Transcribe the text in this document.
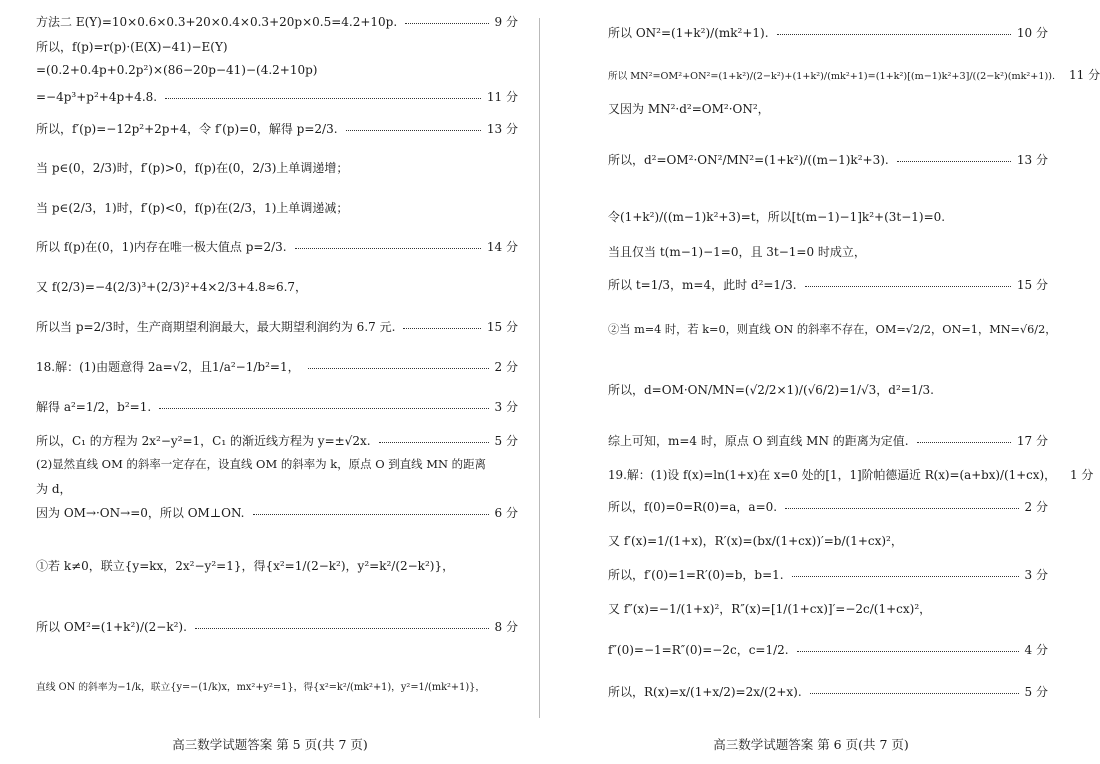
方法二 E(Y)=10×0.6×0.3+20×0.4×0.3+20p×0.5=4.2+10p.	9 分
所以，f(p)=r(p)·(E(X)−41)−E(Y)
=(0.2+0.4p+0.2p²)×(86−20p−41)−(4.2+10p)
=−4p³+p²+4p+4.8.	11 分
所以，f′(p)=−12p²+2p+4，令 f′(p)=0，解得 p=2/3.	13 分
当 p∈(0，2/3)时，f′(p)>0，f(p)在(0，2/3)上单调递增；
当 p∈(2/3，1)时，f′(p)<0，f(p)在(2/3，1)上单调递减；
所以 f(p)在(0，1)内存在唯一极大值点 p=2/3.	14 分
又 f(2/3)=−4(2/3)³+(2/3)²+4×2/3+4.8≈6.7，
所以当 p=2/3时，生产商期望利润最大，最大期望利润约为 6.7 元.	15 分
18.解：(1)由题意得 2a=√2，且1/a²−1/b²=1，	2 分
解得 a²=1/2，b²=1.	3 分
所以，C₁ 的方程为 2x²−y²=1，C₁ 的渐近线方程为 y=±√2x.	5 分
(2)显然直线 OM 的斜率一定存在，设直线 OM 的斜率为 k，原点 O 到直线 MN 的距离
为 d，
因为 OM→·ON→=0，所以 OM⊥ON.	6 分
①若 k≠0，联立{y=kx，2x²−y²=1}，得{x²=1/(2−k²)，y²=k²/(2−k²)}，
所以 OM²=(1+k²)/(2−k²).	8 分
直线 ON 的斜率为−1/k，联立{y=−(1/k)x，mx²+y²=1}，得{x²=k²/(mk²+1)，y²=1/(mk²+1)}，
高三数学试题答案 第 5 页(共 7 页)
所以 ON²=(1+k²)/(mk²+1).	10 分
所以 MN²=OM²+ON²=(1+k²)/(2−k²)+(1+k²)/(mk²+1)=(1+k²)[(m−1)k²+3]/((2−k²)(mk²+1)). 11 分
又因为 MN²·d²=OM²·ON²，
所以，d²=OM²·ON²/MN²=(1+k²)/((m−1)k²+3).	13 分
令(1+k²)/((m−1)k²+3)=t，所以[t(m−1)−1]k²+(3t−1)=0.
当且仅当 t(m−1)−1=0，且 3t−1=0 时成立，
所以 t=1/3，m=4，此时 d²=1/3.	15 分
②当 m=4 时，若 k=0，则直线 ON 的斜率不存在，OM=√2/2，ON=1，MN=√6/2，
所以，d=OM·ON/MN=(√2/2×1)/(√6/2)=1/√3，d²=1/3.
综上可知，m=4 时，原点 O 到直线 MN 的距离为定值.	17 分
19.解：(1)设 f(x)=ln(1+x)在 x=0 处的[1，1]阶帕德逼近 R(x)=(a+bx)/(1+cx)， 1 分
所以，f(0)=0=R(0)=a，a=0.	2 分
又 f′(x)=1/(1+x)，R′(x)=(bx/(1+cx))′=b/(1+cx)²，
所以，f′(0)=1=R′(0)=b，b=1.	3 分
又 f″(x)=−1/(1+x)²，R″(x)=[1/(1+cx)]′=−2c/(1+cx)²，
f″(0)=−1=R″(0)=−2c，c=1/2.	4 分
所以，R(x)=x/(1+x/2)=2x/(2+x).	5 分
高三数学试题答案 第 6 页(共 7 页)
